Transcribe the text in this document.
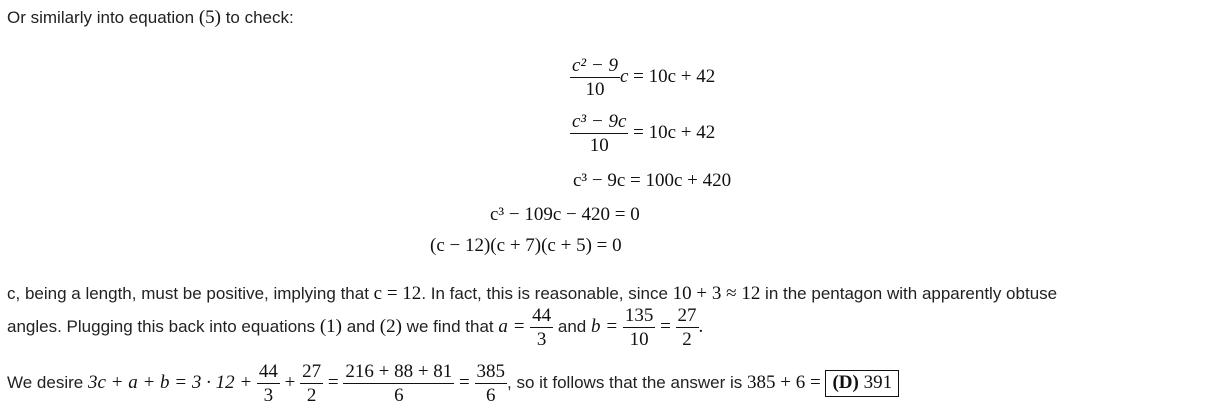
Or similarly into equation (5) to check:
$\frac{\text{c² − 9}}{10}$ c = 10c + 42
$\frac{\text{c³ − 9c}}{10} = 10c + 42$
c³ − 9c = 100c + 420
c³ − 109c − 420 = 0
(c − 12)(c + 7)(c + 5) = 0
c, being a length, must be positive, implying that c = 12. In fact, this is reasonable, since 10 + 3 ≈ 12 in the pentagon with apparently obtuse
angles. Plugging this back into equations (1) and (2) we find that $a = \frac{44}{3}$ and $b = \frac{135}{10} = \frac{27}{2}$ .
We desire $3c + a + b = 3 \cdot 12 + \frac{44}{3} + \frac{27}{2} = \frac{216 + 88 + 81}{6} = \frac{385}{6}$ , so it follows that the answer is 385 + 6 = (D) 391
